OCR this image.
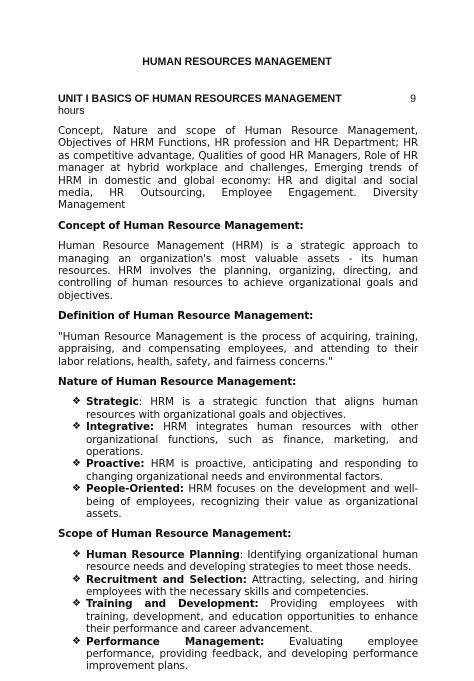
HUMAN RESOURCES MANAGEMENT
UNIT I BASICS OF HUMAN RESOURCES MANAGEMENT	9
hours

Concept, Nature and scope of Human Resource Management, Objectives of HRM Functions, HR profession and HR Department; HR as competitive advantage, Qualities of good HR Managers, Role of HR manager at hybrid workplace and challenges, Emerging trends of HRM in domestic and global economy: HR and digital and social media, HR Outsourcing, Employee Engagement. Diversity Management

Concept of Human Resource Management:

Human Resource Management (HRM) is a strategic approach to managing an organization's most valuable assets - its human resources. HRM involves the planning, organizing, directing, and controlling of human resources to achieve organizational goals and objectives.

Definition of Human Resource Management:

"Human Resource Management is the process of acquiring, training, appraising, and compensating employees, and attending to their labor relations, health, safety, and fairness concerns."

Nature of Human Resource Management:
❖ Strategic: HRM is a strategic function that aligns human resources with organizational goals and objectives.
❖ Integrative: HRM integrates human resources with other organizational functions, such as finance, marketing, and operations.
❖ Proactive: HRM is proactive, anticipating and responding to changing organizational needs and environmental factors.
❖ People-Oriented: HRM focuses on the development and well-being of employees, recognizing their value as organizational assets.
Scope of Human Resource Management:
❖ Human Resource Planning: Identifying organizational human resource needs and developing strategies to meet those needs.
❖ Recruitment and Selection: Attracting, selecting, and hiring employees with the necessary skills and competencies.
❖ Training and Development: Providing employees with training, development, and education opportunities to enhance their performance and career advancement.
❖ Performance Management: Evaluating employee performance, providing feedback, and developing performance improvement plans.
